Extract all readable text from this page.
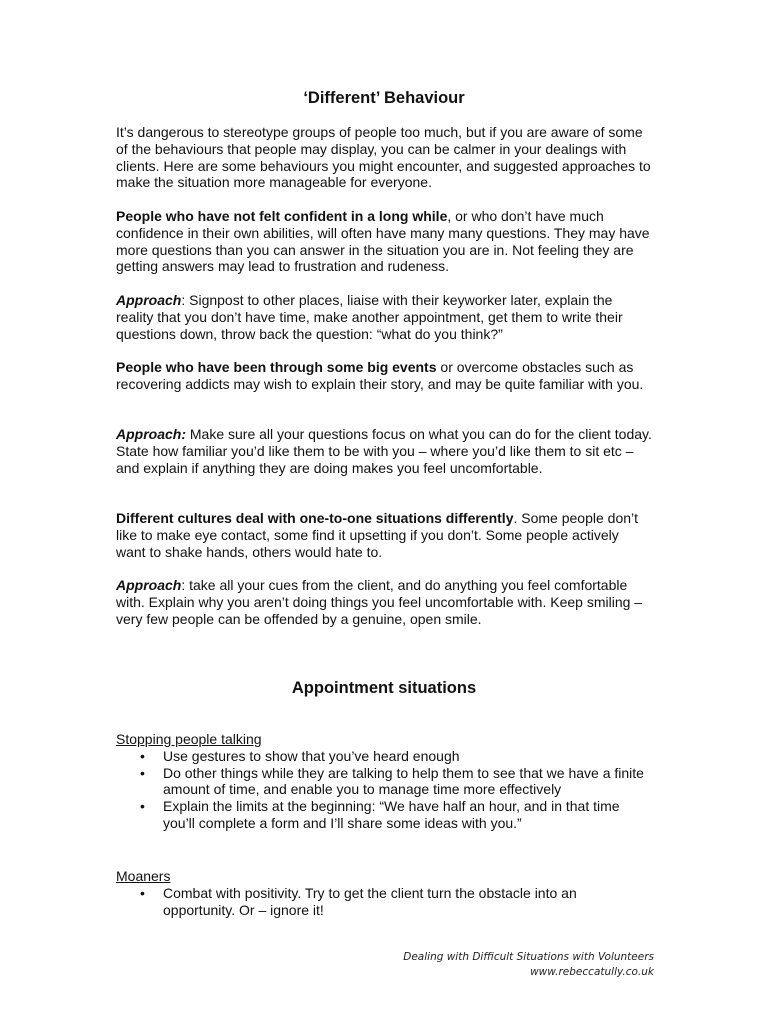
‘Different’ Behaviour

It’s dangerous to stereotype groups of people too much, but if you are aware of some of the behaviours that people may display, you can be calmer in your dealings with clients. Here are some behaviours you might encounter, and suggested approaches to make the situation more manageable for everyone.

People who have not felt confident in a long while, or who don’t have much confidence in their own abilities, will often have many many questions. They may have more questions than you can answer in the situation you are in. Not feeling they are getting answers may lead to frustration and rudeness.

Approach: Signpost to other places, liaise with their keyworker later, explain the reality that you don’t have time, make another appointment, get them to write their questions down, throw back the question: “what do you think?”

People who have been through some big events or overcome obstacles such as recovering addicts may wish to explain their story, and may be quite familiar with you.

Approach: Make sure all your questions focus on what you can do for the client today. State how familiar you’d like them to be with you – where you’d like them to sit etc – and explain if anything they are doing makes you feel uncomfortable.

Different cultures deal with one-to-one situations differently. Some people don’t like to make eye contact, some find it upsetting if you don’t. Some people actively want to shake hands, others would hate to.

Approach: take all your cues from the client, and do anything you feel comfortable with. Explain why you aren’t doing things you feel uncomfortable with. Keep smiling – very few people can be offended by a genuine, open smile.

Appointment situations

Stopping people talking

• Use gestures to show that you’ve heard enough
• Do other things while they are talking to help them to see that we have a finite amount of time, and enable you to manage time more effectively
• Explain the limits at the beginning: “We have half an hour, and in that time you’ll complete a form and I’ll share some ideas with you.”

Moaners

• Combat with positivity. Try to get the client turn the obstacle into an opportunity. Or – ignore it!
Dealing with Difficult Situations with Volunteers
www.rebeccatully.co.uk
